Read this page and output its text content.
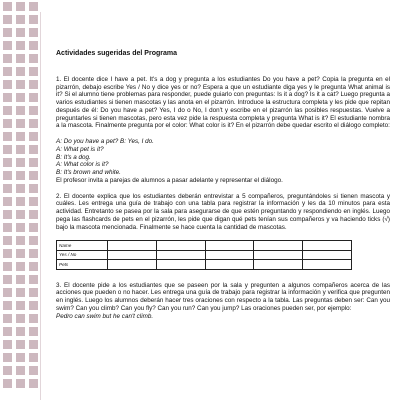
Actividades sugeridas del Programa

1. El docente dice I have a pet. It's a dog y pregunta a los estudiantes Do you have a pet? Copia la pregunta en el pizarrón, debajo escribe Yes / No y dice yes or no? Espera a que un estudiante diga yes y le pregunta What animal is it? Si el alumno tiene problemas para responder, puede guiarlo con preguntas: Is it a dog? Is it a cat? Luego pregunta a varios estudiantes si tienen mascotas y las anota en el pizarrón. Introduce la estructura completa y les pide que repitan después de él: Do you have a pet? Yes, I do o No, I don't y escribe en el pizarrón las posibles respuestas. Vuelve a preguntarles si tienen mascotas, pero esta vez pide la respuesta completa y pregunta What is it? El estudiante nombra a la mascota. Finalmente pregunta por el color: What color is it? En el pizarrón debe quedar escrito el diálogo completo:

A: Do you have a pet? B: Yes, I do.
A: What pet is it?
B: It's a dog.
A: What color is it?
B: It's brown and white.
El profesor invita a parejas de alumnos a pasar adelante y representar el diálogo.

2. El docente explica que los estudiantes deberán entrevistar a 5 compañeros, preguntándoles si tienen mascota y cuáles. Les entrega una guía de trabajo con una tabla para registrar la información y les da 10 minutos para esta actividad. Entretanto se pasea por la sala para asegurarse de que estén preguntando y respondiendo en inglés. Luego pega las flashcards de pets en el pizarrón, les pide que digan qué pets tenían sus compañeros y va haciendo ticks (√) bajo la mascota mencionada. Finalmente se hace cuenta la cantidad de mascotas.

Name					
Yes / No					
Pets					

3. El docente pide a los estudiantes que se paseen por la sala y pregunten a algunos compañeros acerca de las acciones que pueden o no hacer. Les entrega una guía de trabajo para registrar la información y verifica que pregunten en inglés. Luego los alumnos deberán hacer tres oraciones con respecto a la tabla. Las preguntas deben ser: Can you swim? Can you climb? Can you fly? Can you run? Can you jump? Las oraciones pueden ser, por ejemplo:

Pedro can swim but he can't climb.
